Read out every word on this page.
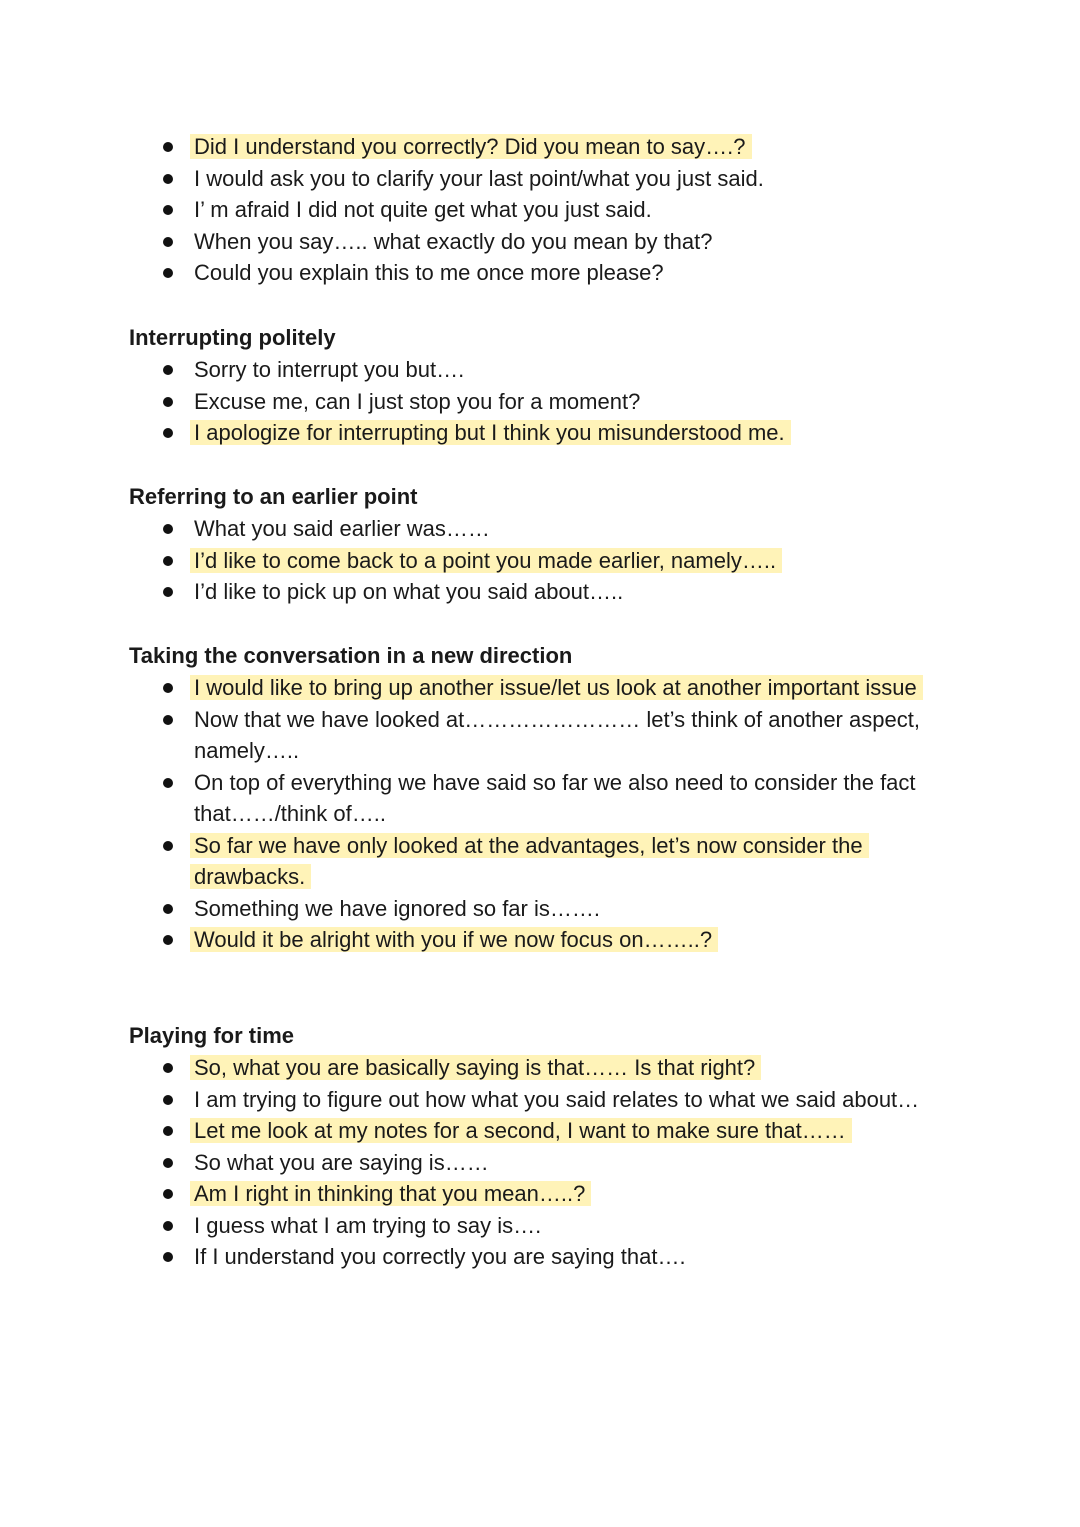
Did I understand you correctly? Did you mean to say….?
I would ask you to clarify your last point/what you just said.
I’ m afraid I did not quite get what you just said.
When you say….. what exactly do you mean by that?
Could you explain this to me once more please?
Interrupting politely
Sorry to interrupt you but….
Excuse me, can I just stop you for a moment?
I apologize for interrupting but I think you misunderstood me.
Referring to an earlier point
What you said earlier was……
I’d like to come back to a point you made earlier, namely…..
I’d like to pick up on what you said about…..
Taking the conversation in a new direction
I would like to bring up another issue/let us look at another important issue
Now that we have looked at…………………… let’s think of another aspect, namely…..
On top of everything we have said so far we also need to consider the fact that……/think of…..
So far we have only looked at the advantages, let’s now consider the drawbacks.
Something we have ignored so far is…….
Would it be alright with you if we now focus on……..?
Playing for time
So, what you are basically saying is that…… Is that right?
I am trying to figure out how what you said relates to what we said about…
Let me look at my notes for a second, I want to make sure that……
So what you are saying is……
Am I right in thinking that you mean…..?
I guess what I am trying to say is….
If I understand you correctly you are saying that….
